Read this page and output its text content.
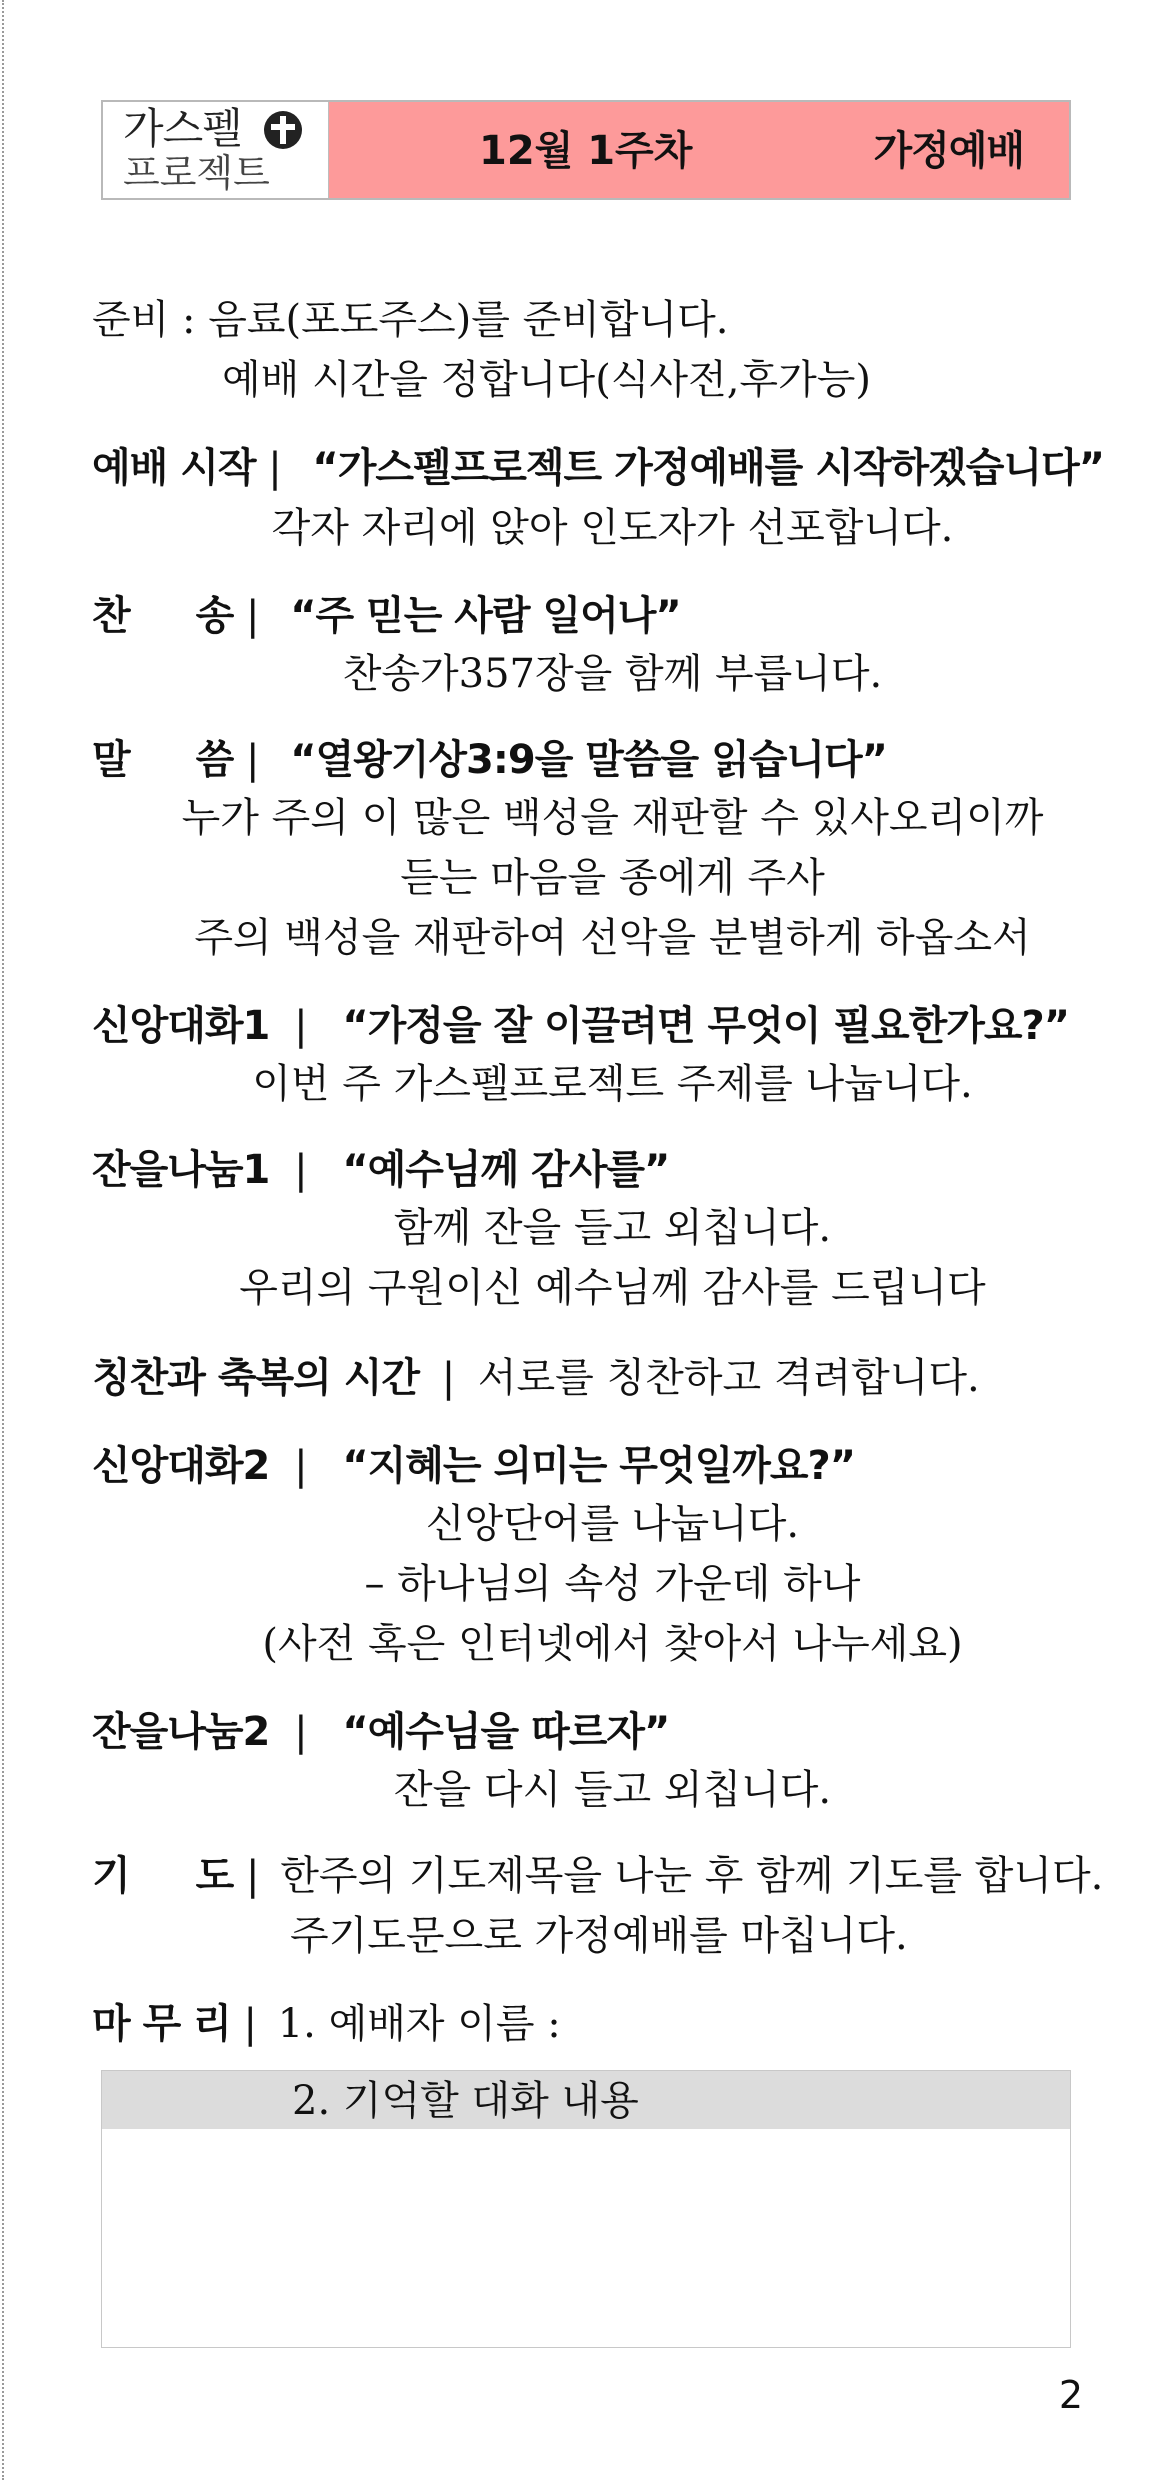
가스펠
프로젝트	12월 1주차	가정예배
준비 : 음료(포도주스)를 준비합니다.
예배 시간을 정합니다(식사전,후가능)
예배 시작 | “가스펠프로젝트 가정예배를 시작하겠습니다”
각자 자리에 앉아 인도자가 선포합니다.
찬 송 | “주 믿는 사람 일어나”
찬송가357장을 함께 부릅니다.
말 씀 | “열왕기상3:9을 말씀을 읽습니다”
누가 주의 이 많은 백성을 재판할 수 있사오리이까
듣는 마음을 종에게 주사
주의 백성을 재판하여 선악을 분별하게 하옵소서
신앙대화1 | “가정을 잘 이끌려면 무엇이 필요한가요?”
이번 주 가스펠프로젝트 주제를 나눕니다.
잔을나눔1 | “예수님께 감사를”
함께 잔을 들고 외칩니다.
우리의 구원이신 예수님께 감사를 드립니다
칭찬과 축복의 시간 | 서로를 칭찬하고 격려합니다.
신앙대화2 | “지혜는 의미는 무엇일까요?”
신앙단어를 나눕니다.
– 하나님의 속성 가운데 하나
(사전 혹은 인터넷에서 찾아서 나누세요)
잔을나눔2 | “예수님을 따르자”
잔을 다시 들고 외칩니다.
기 도 | 한주의 기도제목을 나눈 후 함께 기도를 합니다.
주기도문으로 가정예배를 마칩니다.
마 무 리 | 1. 예배자 이름 :
2. 기억할 대화 내용
2
